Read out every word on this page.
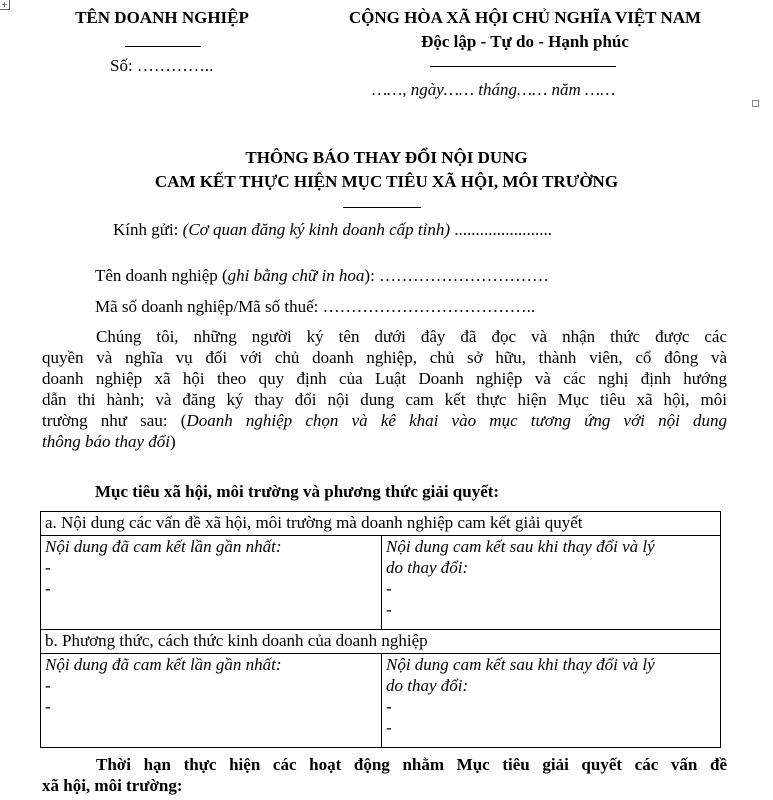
+
TÊN DOANH NGHIỆP
Số: …………..
CỘNG HÒA XÃ HỘI CHỦ NGHĨA VIỆT NAM
Độc lập - Tự do - Hạnh phúc
……, ngày…… tháng…… năm ……
THÔNG BÁO THAY ĐỔI NỘI DUNG
CAM KẾT THỰC HIỆN MỤC TIÊU XÃ HỘI, MÔI TRƯỜNG
Kính gửi: (Cơ quan đăng ký kinh doanh cấp tỉnh) .......................
Tên doanh nghiệp (ghi bằng chữ in hoa): …………………………
Mã số doanh nghiệp/Mã số thuế: ………………………………..
Chúng tôi, những người ký tên dưới đây đã đọc và nhận thức được các
quyền và nghĩa vụ đối với chủ doanh nghiệp, chủ sở hữu, thành viên, cổ đông và
doanh nghiệp xã hội theo quy định của Luật Doanh nghiệp và các nghị định hướng
dẫn thi hành; và đăng ký thay đổi nội dung cam kết thực hiện Mục tiêu xã hội, môi
trường như sau: (Doanh nghiệp chọn và kê khai vào mục tương ứng với nội dung
thông báo thay đổi)
Mục tiêu xã hội, môi trường và phương thức giải quyết:
a. Nội dung các vấn đề xã hội, môi trường mà doanh nghiệp cam kết giải quyết	

Nội dung đã cam kết lần gần nhất:
-
-	Nội dung cam kết sau khi thay đổi và lý
do thay đổi:
-
-

b. Phương thức, cách thức kinh doanh của doanh nghiệp	

Nội dung đã cam kết lần gần nhất:
-
-	Nội dung cam kết sau khi thay đổi và lý
do thay đổi:
-
-
Thời hạn thực hiện các hoạt động nhằm Mục tiêu giải quyết các vấn đề
xã hội, môi trường:
